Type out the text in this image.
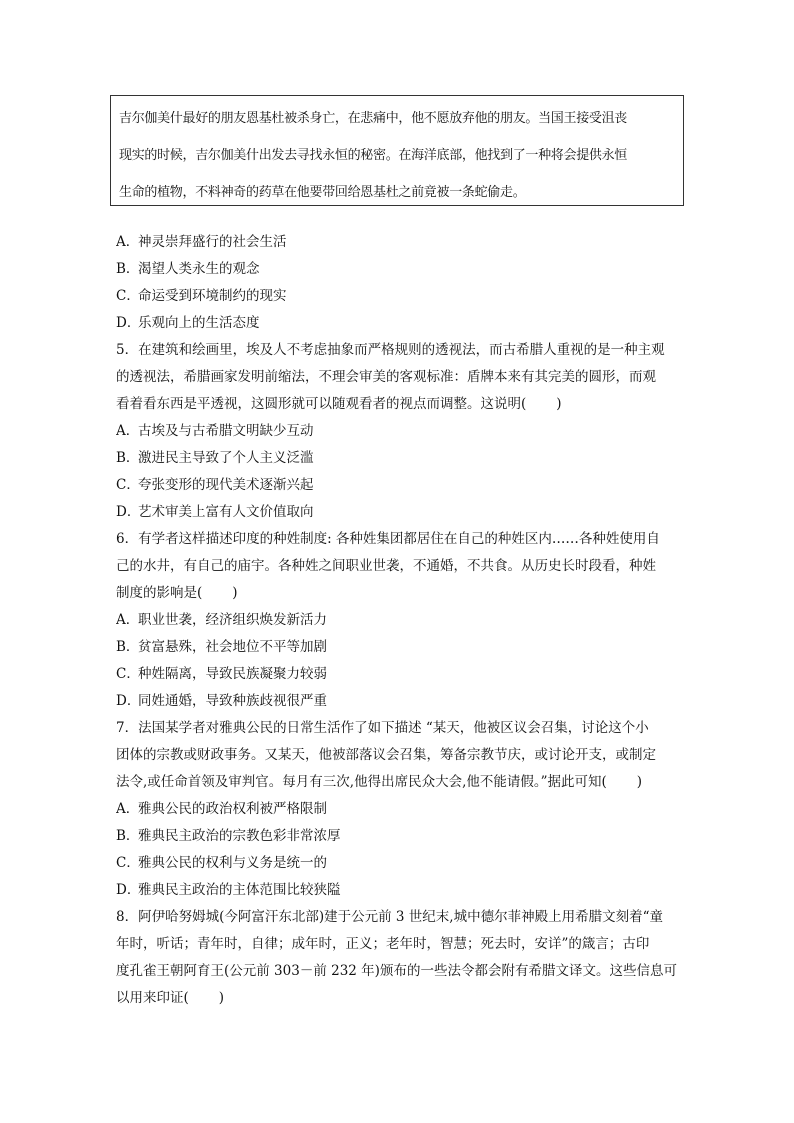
吉尔伽美什最好的朋友恩基杜被杀身亡，在悲痛中，他不愿放弃他的朋友。当国王接受沮丧
现实的时候，吉尔伽美什出发去寻找永恒的秘密。在海洋底部，他找到了一种将会提供永恒
生命的植物，不料神奇的药草在他要带回给恩基杜之前竟被一条蛇偷走。
A．神灵崇拜盛行的社会生活
B．渴望人类永生的观念
C．命运受到环境制约的现实
D．乐观向上的生活态度
5．在建筑和绘画里，埃及人不考虑抽象而严格规则的透视法，而古希腊人重视的是一种主观
的透视法，希腊画家发明前缩法，不理会审美的客观标准：盾牌本来有其完美的圆形，而观
看着看东西是平透视，这圆形就可以随观看者的视点而调整。这说明( )
A．古埃及与古希腊文明缺少互动
B．激进民主导致了个人主义泛滥
C．夸张变形的现代美术逐渐兴起
D．艺术审美上富有人文价值取向
6．有学者这样描述印度的种姓制度: 各种姓集团都居住在自己的种姓区内……各种姓使用自
己的水井，有自己的庙宇。各种姓之间职业世袭，不通婚，不共食。从历史长时段看，种姓
制度的影响是( )
A．职业世袭，经济组织焕发新活力
B．贫富悬殊，社会地位不平等加剧
C．种姓隔离，导致民族凝聚力较弱
D．同姓通婚，导致种族歧视很严重
7．法国某学者对雅典公民的日常生活作了如下描述 “某天，他被区议会召集，讨论这个小
团体的宗教或财政事务。又某天，他被部落议会召集，筹备宗教节庆，或讨论开支，或制定
法令,或任命首领及审判官。每月有三次,他得出席民众大会,他不能请假。”据此可知( )
A．雅典公民的政治权利被严格限制
B．雅典民主政治的宗教色彩非常浓厚
C．雅典公民的权利与义务是统一的
D．雅典民主政治的主体范围比较狭隘
8．阿伊哈努姆城(今阿富汗东北部)建于公元前 3 世纪末,城中德尔菲神殿上用希腊文刻着“童
年时，听话；青年时，自律；成年时，正义；老年时，智慧；死去时，安详”的箴言；古印
度孔雀王朝阿育王(公元前 303－前 232 年)颁布的一些法令都会附有希腊文译文。这些信息可
以用来印证( )
